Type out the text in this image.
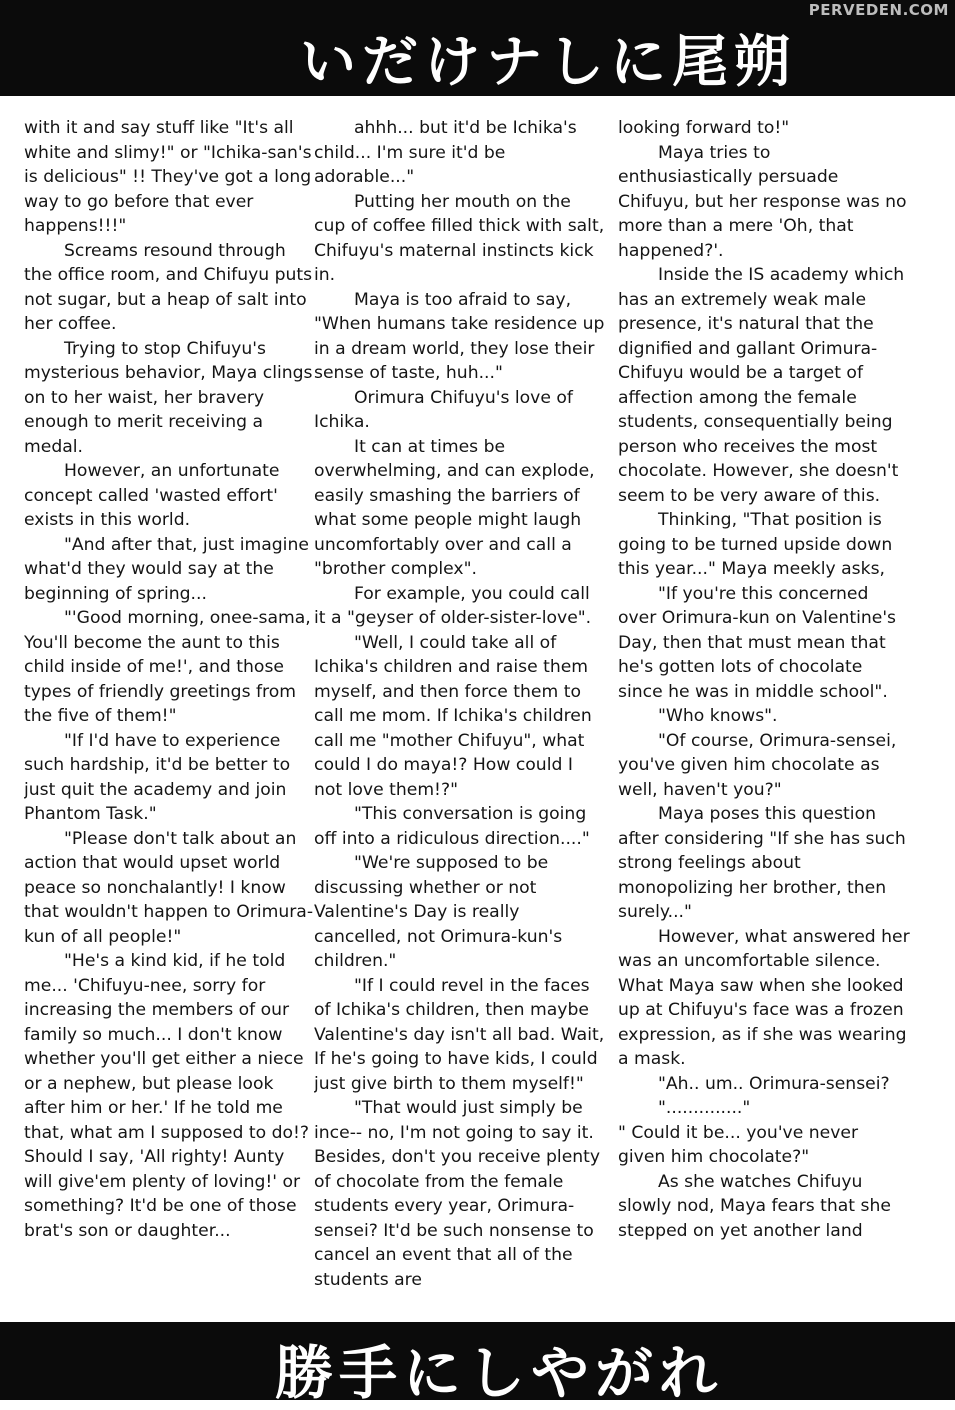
いだけナしに尾朔
PERVEDEN.COM

with it and say stuff like "It's all white and slimy!" or "Ichika-san's is delicious" !! They've got a long way to go before that ever happens!!!"

Screams resound through the office room, and Chifuyu puts not sugar, but a heap of salt into her coffee.

Trying to stop Chifuyu's mysterious behavior, Maya clings on to her waist, her bravery enough to merit receiving a medal.

However, an unfortunate concept called 'wasted effort' exists in this world.

"And after that, just imagine what'd they would say at the beginning of spring...

"'Good morning, onee-sama, You'll become the aunt to this child inside of me!', and those types of friendly greetings from the five of them!"

"If I'd have to experience such hardship, it'd be better to just quit the academy and join Phantom Task."

"Please don't talk about an action that would upset world peace so nonchalantly! I know that wouldn't happen to Orimura-kun of all people!"

"He's a kind kid, if he told me... 'Chifuyu-nee, sorry for increasing the members of our family so much... I don't know whether you'll get either a niece or a nephew, but please look after him or her.' If he told me that, what am I supposed to do!? Should I say, 'All righty! Aunty will give'em plenty of loving!' or something? It'd be one of those brat's son or daughter...

ahhh... but it'd be Ichika's child... I'm sure it'd be adorable..."

Putting her mouth on the cup of coffee filled thick with salt, Chifuyu's maternal instincts kick in.

Maya is too afraid to say, "When humans take residence up in a dream world, they lose their sense of taste, huh..."

Orimura Chifuyu's love of Ichika.

It can at times be overwhelming, and can explode, easily smashing the barriers of what some people might laugh uncomfortably over and call a "brother complex".

For example, you could call it a "geyser of older-sister-love".

"Well, I could take all of Ichika's children and raise them myself, and then force them to call me mom. If Ichika's children call me "mother Chifuyu", what could I do maya!? How could I not love them!?"

"This conversation is going off into a ridiculous direction...."

"We're supposed to be discussing whether or not Valentine's Day is really cancelled, not Orimura-kun's children."

"If I could revel in the faces of Ichika's children, then maybe Valentine's day isn't all bad. Wait, If he's going to have kids, I could just give birth to them myself!"

"That would just simply be ince-- no, I'm not going to say it. Besides, don't you receive plenty of chocolate from the female students every year, Orimura-sensei? It'd be such nonsense to cancel an event that all of the students are

looking forward to!"

Maya tries to enthusiastically persuade Chifuyu, but her response was no more than a mere 'Oh, that happened?'.

Inside the IS academy which has an extremely weak male presence, it's natural that the dignified and gallant Orimura-Chifuyu would be a target of affection among the female students, consequentially being person who receives the most chocolate. However, she doesn't seem to be very aware of this.

Thinking, "That position is going to be turned upside down this year..." Maya meekly asks,

"If you're this concerned over Orimura-kun on Valentine's Day, then that must mean that he's gotten lots of chocolate since he was in middle school".

"Who knows".

"Of course, Orimura-sensei, you've given him chocolate as well, haven't you?"

Maya poses this question after considering "If she has such strong feelings about monopolizing her brother, then surely..."

However, what answered her was an uncomfortable silence.

What Maya saw when she looked up at Chifuyu's face was a frozen expression, as if she was wearing a mask.

"Ah.. um.. Orimura-sensei?

".............."

" Could it be... you've never given him chocolate?"

As she watches Chifuyu slowly nod, Maya fears that she stepped on yet another land

勝手にしやがれ
